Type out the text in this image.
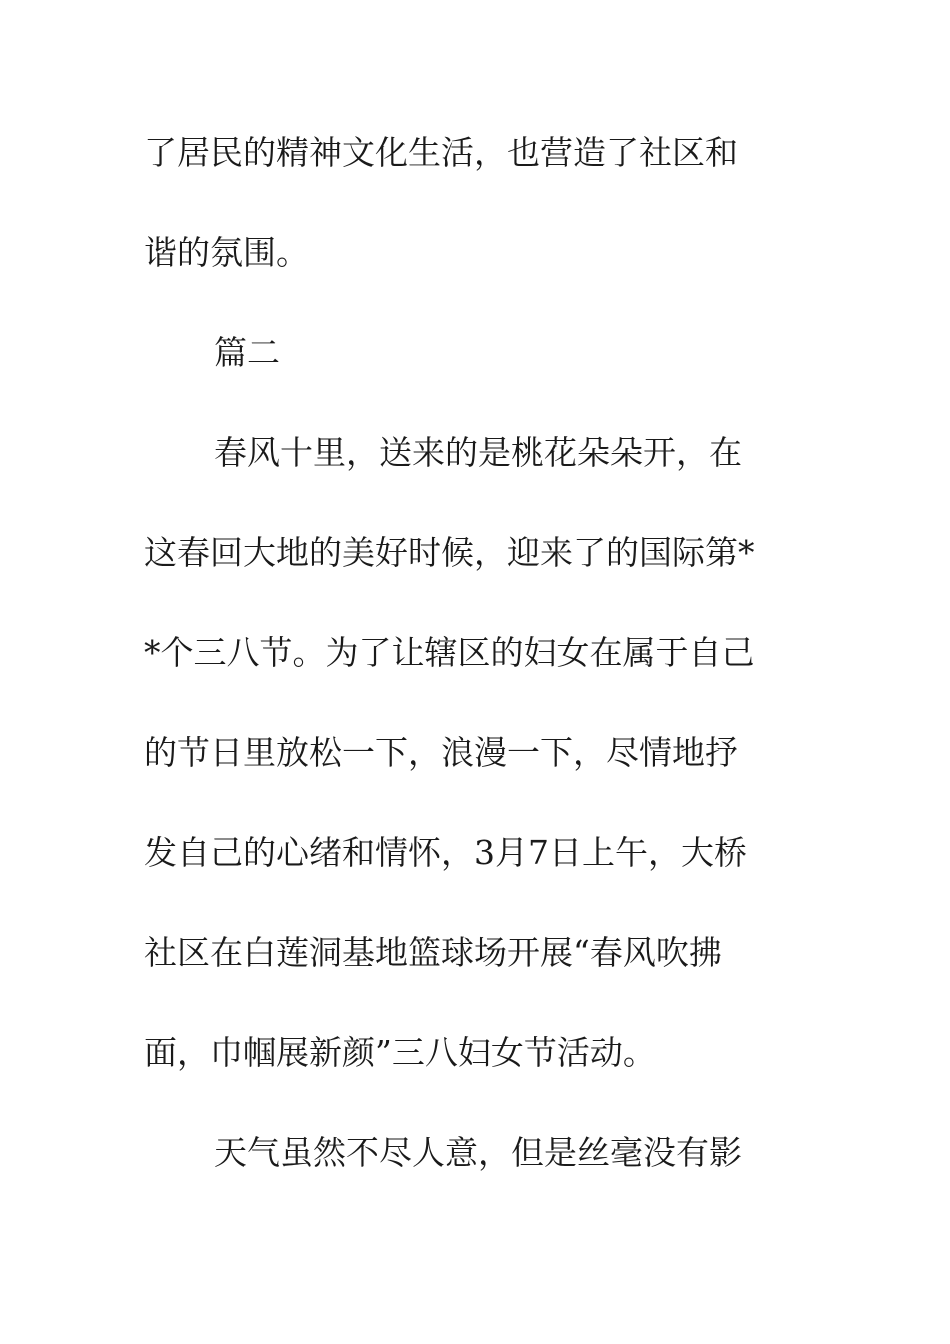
了居民的精神文化生活，也营造了社区和
谐的氛围。
篇二
春风十里，送来的是桃花朵朵开，在
这春回大地的美好时候，迎来了的国际第*
*个三八节。为了让辖区的妇女在属于自己
的节日里放松一下，浪漫一下，尽情地抒
发自己的心绪和情怀，3月7日上午，大桥
社区在白莲洞基地篮球场开展“春风吹拂
面，巾帼展新颜”三八妇女节活动。
天气虽然不尽人意，但是丝毫没有影
